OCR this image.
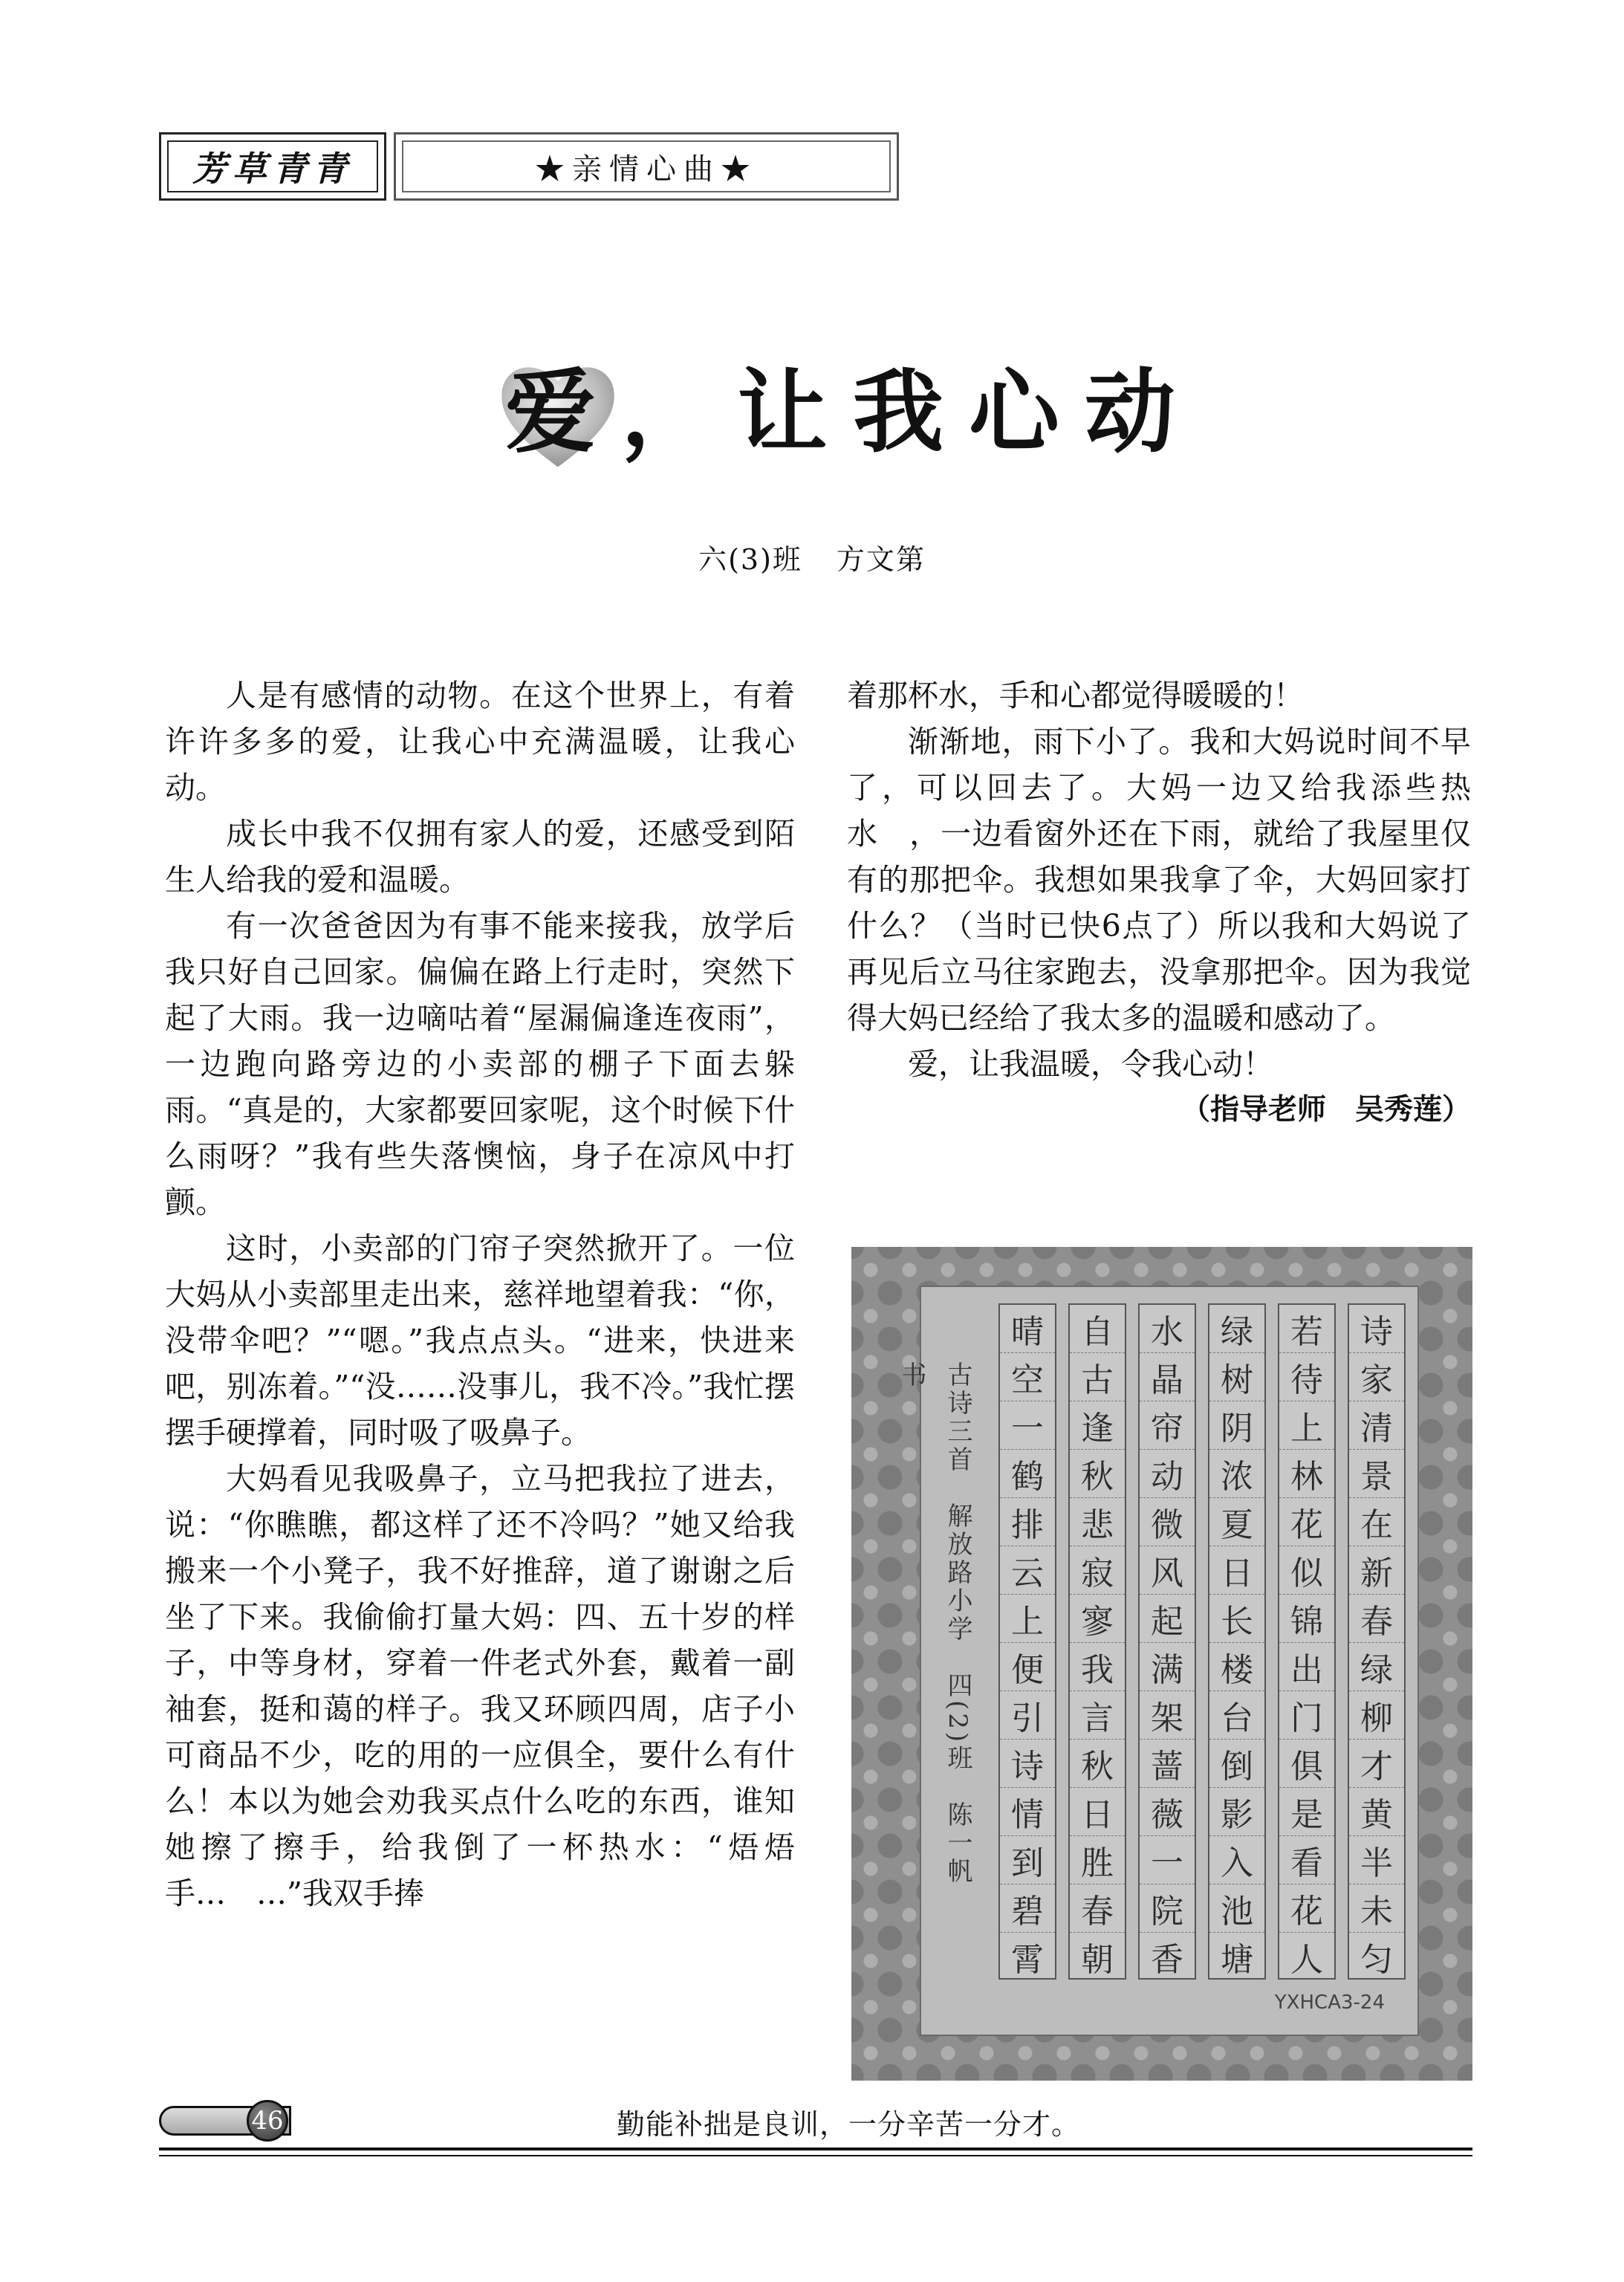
芳草青青	★亲情心曲★
爱，让我心动
六(3)班 方文第

人是有感情的动物。在这个世界上，有着许许多多的爱，让我心中充满温暖，让我心动。

成长中我不仅拥有家人的爱，还感受到陌生人给我的爱和温暖。

有一次爸爸因为有事不能来接我，放学后我只好自己回家。偏偏在路上行走时，突然下起了大雨。我一边嘀咕着“屋漏偏逢连夜雨”，一边跑向路旁边的小卖部的棚子下面去躲雨。“真是的，大家都要回家呢，这个时候下什么雨呀？”我有些失落懊恼，身子在凉风中打颤。

这时，小卖部的门帘子突然掀开了。一位大妈从小卖部里走出来，慈祥地望着我：“你，没带伞吧？”“嗯。”我点点头。“进来，快进来吧，别冻着。”“没……没事儿，我不冷。”我忙摆摆手硬撑着，同时吸了吸鼻子。

大妈看见我吸鼻子，立马把我拉了进去，说：“你瞧瞧，都这样了还不冷吗？”她又给我搬来一个小凳子，我不好推辞，道了谢谢之后坐了下来。我偷偷打量大妈：四、五十岁的样子，中等身材，穿着一件老式外套，戴着一副袖套，挺和蔼的样子。我又环顾四周，店子小可商品不少，吃的用的一应俱全，要什么有什么！本以为她会劝我买点什么吃的东西，谁知她擦了擦手，给我倒了一杯热水：“焐焐手…　…”我双手捧

着那杯水，手和心都觉得暖暖的！

渐渐地，雨下小了。我和大妈说时间不早了，可以回去了。大妈一边又给我添些热水　，一边看窗外还在下雨，就给了我屋里仅有的那把伞。我想如果我拿了伞，大妈回家打什么？（当时已快6点了）所以我和大妈说了再见后立马往家跑去，没拿那把伞。因为我觉得大妈已经给了我太多的温暖和感动了。

爱，让我温暖，令我心动！

（指导老师　吴秀莲）

古诗三首　解放路小学　四(2)班　陈一帆书
诗
家
清
景
在
新
春
绿
柳
才
黄
半
未
匀
若
待
上
林
花
似
锦
出
门
俱
是
看
花
人
绿
树
阴
浓
夏
日
长
楼
台
倒
影
入
池
塘
水
晶
帘
动
微
风
起
满
架
蔷
薇
一
院
香
自
古
逢
秋
悲
寂
寥
我
言
秋
日
胜
春
朝
晴
空
一
鹤
排
云
上
便
引
诗
情
到
碧
霄
YXHCA3-24
46	勤能补拙是良训，一分辛苦一分才。
